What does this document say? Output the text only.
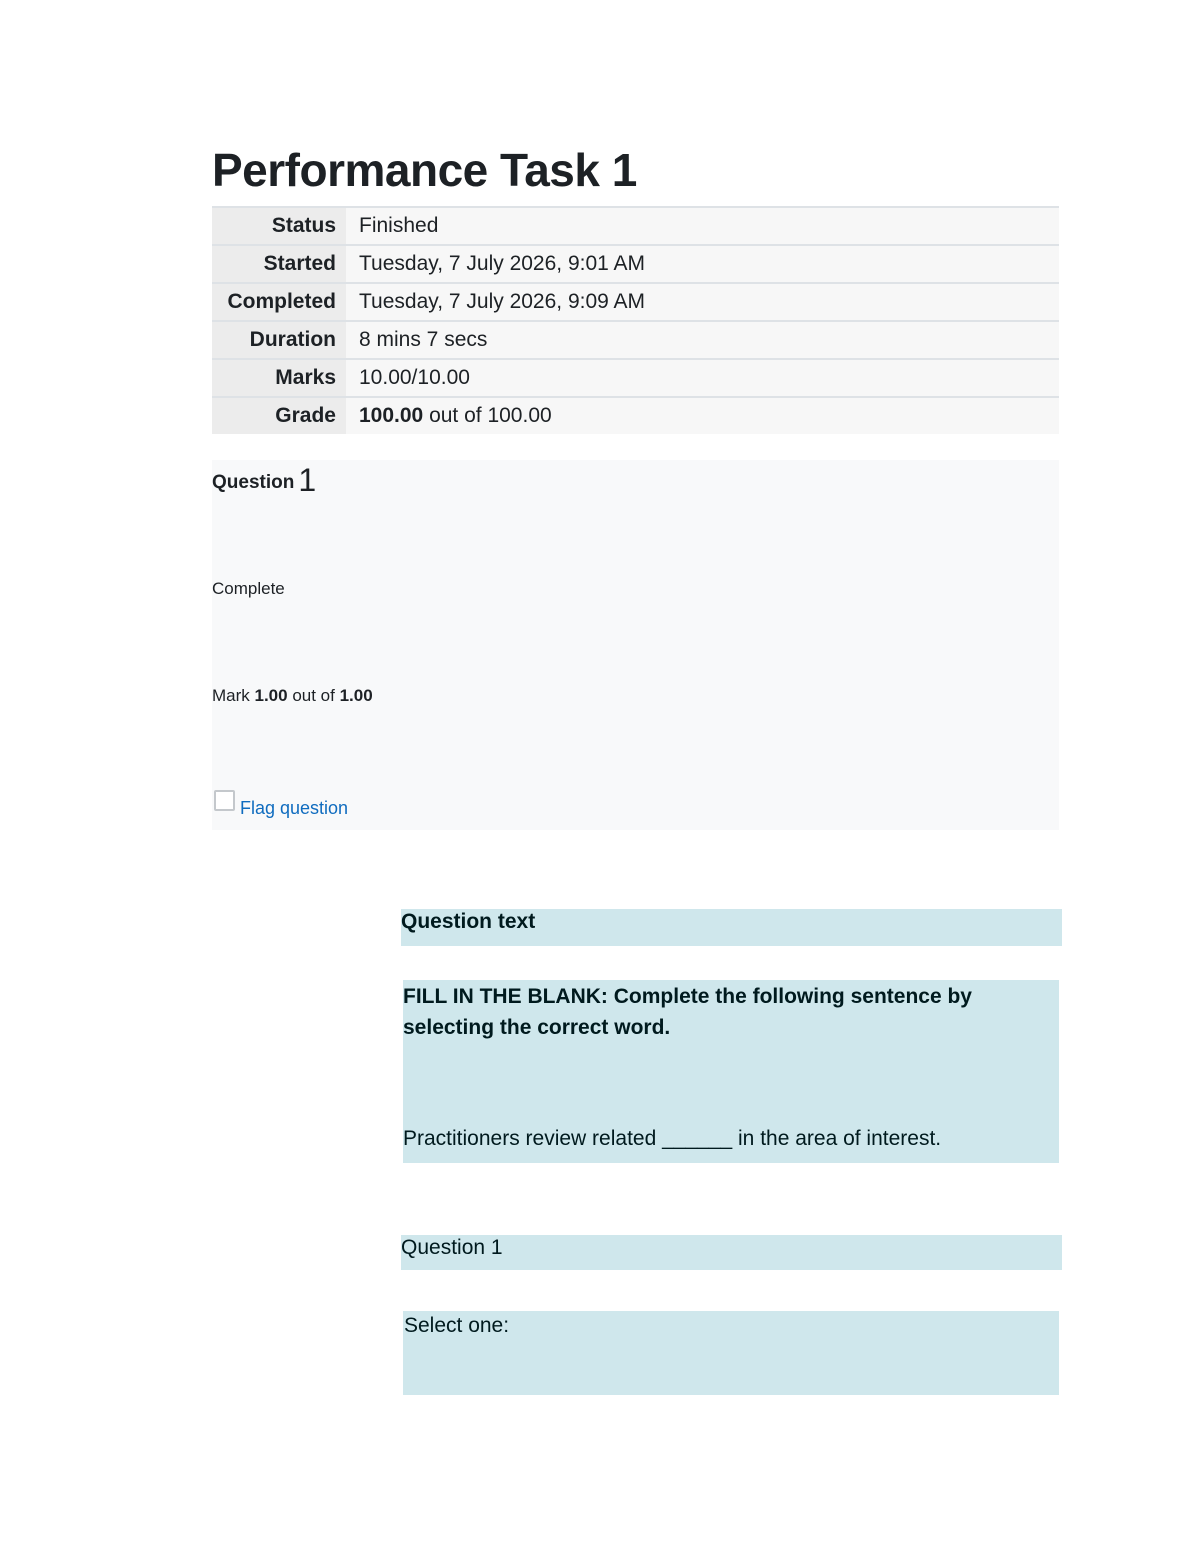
Performance Task 1
Status	Finished
Started	Tuesday, 7 July 2026, 9:01 AM
Completed	Tuesday, 7 July 2026, 9:09 AM
Duration	8 mins 7 secs
Marks	10.00/10.00
Grade	100.00 out of 100.00
Question 1
Complete
Mark 1.00 out of 1.00
Flag question
Question text
FILL IN THE BLANK: Complete the following sentence by selecting the correct word.
Practitioners review related ______ in the area of interest.
Question 1
Select one:
